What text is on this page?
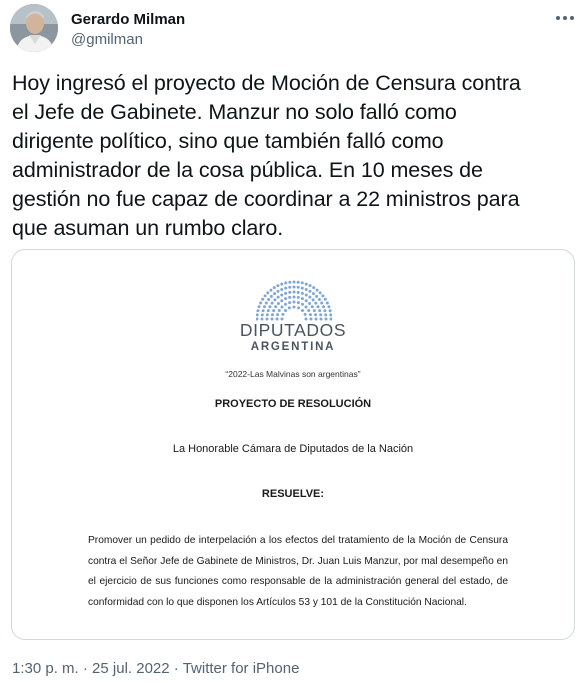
Gerardo Milman
@gmilman
Hoy ingresó el proyecto de Moción de Censura contra
el Jefe de Gabinete. Manzur no solo falló como
dirigente político, sino que también falló como
administrador de la cosa pública. En 10 meses de
gestión no fue capaz de coordinar a 22 ministros para
que asuman un rumbo claro.
DIPUTADOS
ARGENTINA
“2022-Las Malvinas son argentinas”
PROYECTO DE RESOLUCIÓN
La Honorable Cámara de Diputados de la Nación
RESUELVE:
Promover un pedido de interpelación a los efectos del tratamiento de la Moción de Censura contra el Señor Jefe de Gabinete de Ministros, Dr. Juan Luis Manzur, por mal desempeño en el ejercicio de sus funciones como responsable de la administración general del estado, de conformidad con lo que disponen los Artículos 53 y 101 de la Constitución Nacional.
1:30 p. m. · 25 jul. 2022 · Twitter for iPhone
